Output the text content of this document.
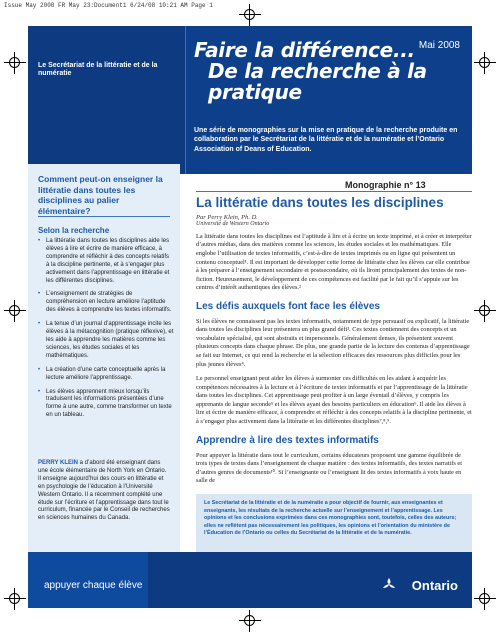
Issue May 2008 FR May 23:Document1 6/24/08 10:21 AM Page 1
Le Secrétariat de la littératie et de la numératie
Faire la différence...
De la recherche à la pratique
Mai 2008
Une série de monographies sur la mise en pratique de la recherche produite en collaboration par le Secrétariat de la littératie et de la numératie et l’Ontario Association of Deans of Education.
Comment peut-on enseigner la littératie dans toutes les disciplines au palier élémentaire?
Selon la recherche
• La littératie dans toutes les disciplines aide les élèves à lire et écrire de manière efficace, à comprendre et réfléchir à des concepts relatifs à la discipline pertinente, et à s’engager plus activement dans l’apprentissage en littératie et les différentes disciplines.
• L’enseignement de stratégies de compréhension en lecture améliore l’aptitude des élèves à comprendre les textes informatifs.
• La tenue d’un journal d’apprentissage incite les élèves à la métacognition (pratique réflexive), et les aide à apprendre les matières comme les sciences, les études sociales et les mathématiques.
• La création d’une carte conceptuelle après la lecture améliore l’apprentissage.
• Les élèves apprennent mieux lorsqu’ils traduisent les informations présentées d’une forme à une autre, comme transformer un texte en un tableau.
PERRY KLEIN a d’abord été enseignant dans une école élémentaire de North York en Ontario. Il enseigne aujourd’hui des cours en littératie et en psychologie de l’éducation à l’Université Western Ontario. Il a récemment complété une étude sur l’écriture et l’apprentissage dans tout le curriculum, financée par le Conseil de recherches en sciences humaines du Canada.
Monographie n° 13
La littératie dans toutes les disciplines
Par Perry Klein, Ph. D.
Université de Western Ontario

La littératie dans toutes les disciplines est l’aptitude à lire et à écrire un texte imprimé, et à créer et interpréter d’autres médias, dans des matières comme les sciences, les études sociales et les mathématiques. Elle englobe l’utilisation de textes informatifs, c’est-à-dire de textes imprimés ou en ligne qui présentent un contenu conceptuel¹. Il est important de développer cette forme de littératie chez les élèves car elle contribue à les préparer à l’enseignement secondaire et postsecondaire, où ils liront principalement des textes de non-fiction. Heureusement, le développement de ces compétences est facilité par le fait qu’il s’appuie sur les centres d’intérêt authentiques des élèves.²

Les défis auxquels font face les élèves

Si les élèves ne connaissent pas les textes informatifs, notamment de type persuasif ou explicatif, la littératie dans toutes les disciplines leur présentera un plus grand défi³. Ces textes contiennent des concepts et un vocabulaire spécialisé, qui sont abstraits et impersonnels. Généralement denses, ils présentent souvent plusieurs concepts dans chaque phrase. De plus, une grande partie de la lecture des contenus d’apprentissage se fait sur Internet, ce qui rend la recherche et la sélection efficaces des ressources plus difficiles pour les plus jeunes élèves⁴.

Le personnel enseignant peut aider les élèves à surmonter ces difficultés en les aidant à acquérir les compétences nécessaires à la lecture et à l’écriture de textes informatifs et par l’apprentissage de la littératie dans toutes les disciplines. Cet apprentissage peut profiter à un large éventail d’élèves, y compris les apprenants de langue seconde⁵ et les élèves ayant des besoins particuliers en éducation⁶. Il aide les élèves à lire et écrire de manière efficace, à comprendre et réfléchir à des concepts relatifs à la discipline pertinente, et à s’engager plus activement dans la littératie et les différentes disciplines⁷,⁸,⁹.

Apprendre à lire des textes informatifs

Pour appuyer la littératie dans tout le curriculum, certains éducateurs proposent une gamme équilibrée de trois types de textes dans l’enseignement de chaque matière : des textes informatifs, des textes narratifs et d’autres genres de documents¹⁰. Si l’enseignante ou l’enseignant lit des textes informatifs à voix haute en salle de

Le Secrétariat de la littératie et de la numératie a pour objectif de fournir, aux enseignantes et enseignants, les résultats de la recherche actuelle sur l’enseignement et l’apprentissage. Les opinions et les conclusions exprimées dans ces monographies sont, toutefois, celles des auteurs; elles ne reflètent pas nécessairement les politiques, les opinions et l’orientation du ministère de l’Éducation de l’Ontario ou celles du Secrétariat de la littératie et de la numératie.
appuyer chaque élève	Ontario
